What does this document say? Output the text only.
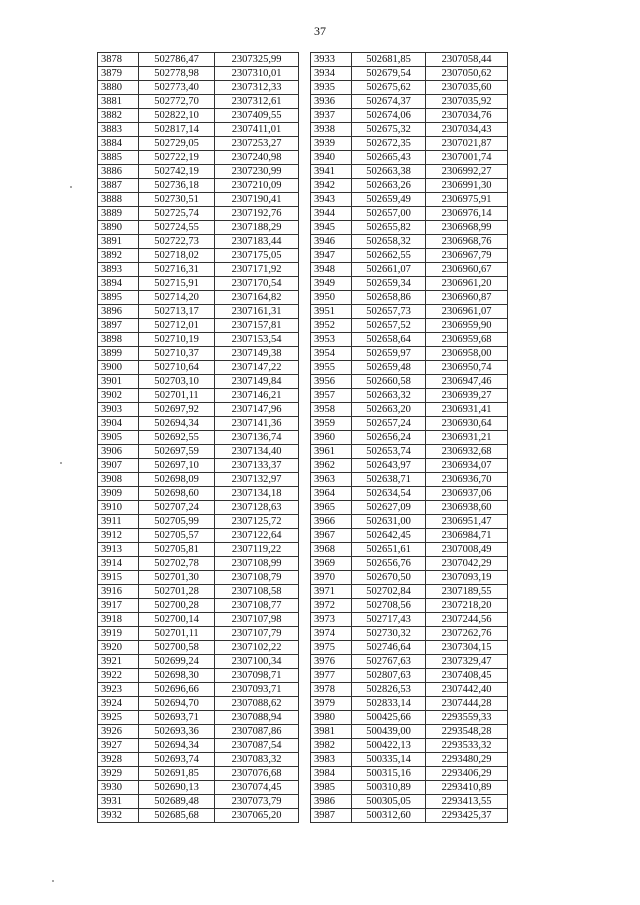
37
3878	502786,47	2307325,99
3879	502778,98	2307310,01
3880	502773,40	2307312,33
3881	502772,70	2307312,61
3882	502822,10	2307409,55
3883	502817,14	2307411,01
3884	502729,05	2307253,27
3885	502722,19	2307240,98
3886	502742,19	2307230,99
3887	502736,18	2307210,09
3888	502730,51	2307190,41
3889	502725,74	2307192,76
3890	502724,55	2307188,29
3891	502722,73	2307183,44
3892	502718,02	2307175,05
3893	502716,31	2307171,92
3894	502715,91	2307170,54
3895	502714,20	2307164,82
3896	502713,17	2307161,31
3897	502712,01	2307157,81
3898	502710,19	2307153,54
3899	502710,37	2307149,38
3900	502710,64	2307147,22
3901	502703,10	2307149,84
3902	502701,11	2307146,21
3903	502697,92	2307147,96
3904	502694,34	2307141,36
3905	502692,55	2307136,74
3906	502697,59	2307134,40
3907	502697,10	2307133,37
3908	502698,09	2307132,97
3909	502698,60	2307134,18
3910	502707,24	2307128,63
3911	502705,99	2307125,72
3912	502705,57	2307122,64
3913	502705,81	2307119,22
3914	502702,78	2307108,99
3915	502701,30	2307108,79
3916	502701,28	2307108,58
3917	502700,28	2307108,77
3918	502700,14	2307107,98
3919	502701,11	2307107,79
3920	502700,58	2307102,22
3921	502699,24	2307100,34
3922	502698,30	2307098,71
3923	502696,66	2307093,71
3924	502694,70	2307088,62
3925	502693,71	2307088,94
3926	502693,36	2307087,86
3927	502694,34	2307087,54
3928	502693,74	2307083,32
3929	502691,85	2307076,68
3930	502690,13	2307074,45
3931	502689,48	2307073,79
3932	502685,68	2307065,20
3933	502681,85	2307058,44
3934	502679,54	2307050,62
3935	502675,62	2307035,60
3936	502674,37	2307035,92
3937	502674,06	2307034,76
3938	502675,32	2307034,43
3939	502672,35	2307021,87
3940	502665,43	2307001,74
3941	502663,38	2306992,27
3942	502663,26	2306991,30
3943	502659,49	2306975,91
3944	502657,00	2306976,14
3945	502655,82	2306968,99
3946	502658,32	2306968,76
3947	502662,55	2306967,79
3948	502661,07	2306960,67
3949	502659,34	2306961,20
3950	502658,86	2306960,87
3951	502657,73	2306961,07
3952	502657,52	2306959,90
3953	502658,64	2306959,68
3954	502659,97	2306958,00
3955	502659,48	2306950,74
3956	502660,58	2306947,46
3957	502663,32	2306939,27
3958	502663,20	2306931,41
3959	502657,24	2306930,64
3960	502656,24	2306931,21
3961	502653,74	2306932,68
3962	502643,97	2306934,07
3963	502638,71	2306936,70
3964	502634,54	2306937,06
3965	502627,09	2306938,60
3966	502631,00	2306951,47
3967	502642,45	2306984,71
3968	502651,61	2307008,49
3969	502656,76	2307042,29
3970	502670,50	2307093,19
3971	502702,84	2307189,55
3972	502708,56	2307218,20
3973	502717,43	2307244,56
3974	502730,32	2307262,76
3975	502746,64	2307304,15
3976	502767,63	2307329,47
3977	502807,63	2307408,45
3978	502826,53	2307442,40
3979	502833,14	2307444,28
3980	500425,66	2293559,33
3981	500439,00	2293548,28
3982	500422,13	2293533,32
3983	500335,14	2293480,29
3984	500315,16	2293406,29
3985	500310,89	2293410,89
3986	500305,05	2293413,55
3987	500312,60	2293425,37
